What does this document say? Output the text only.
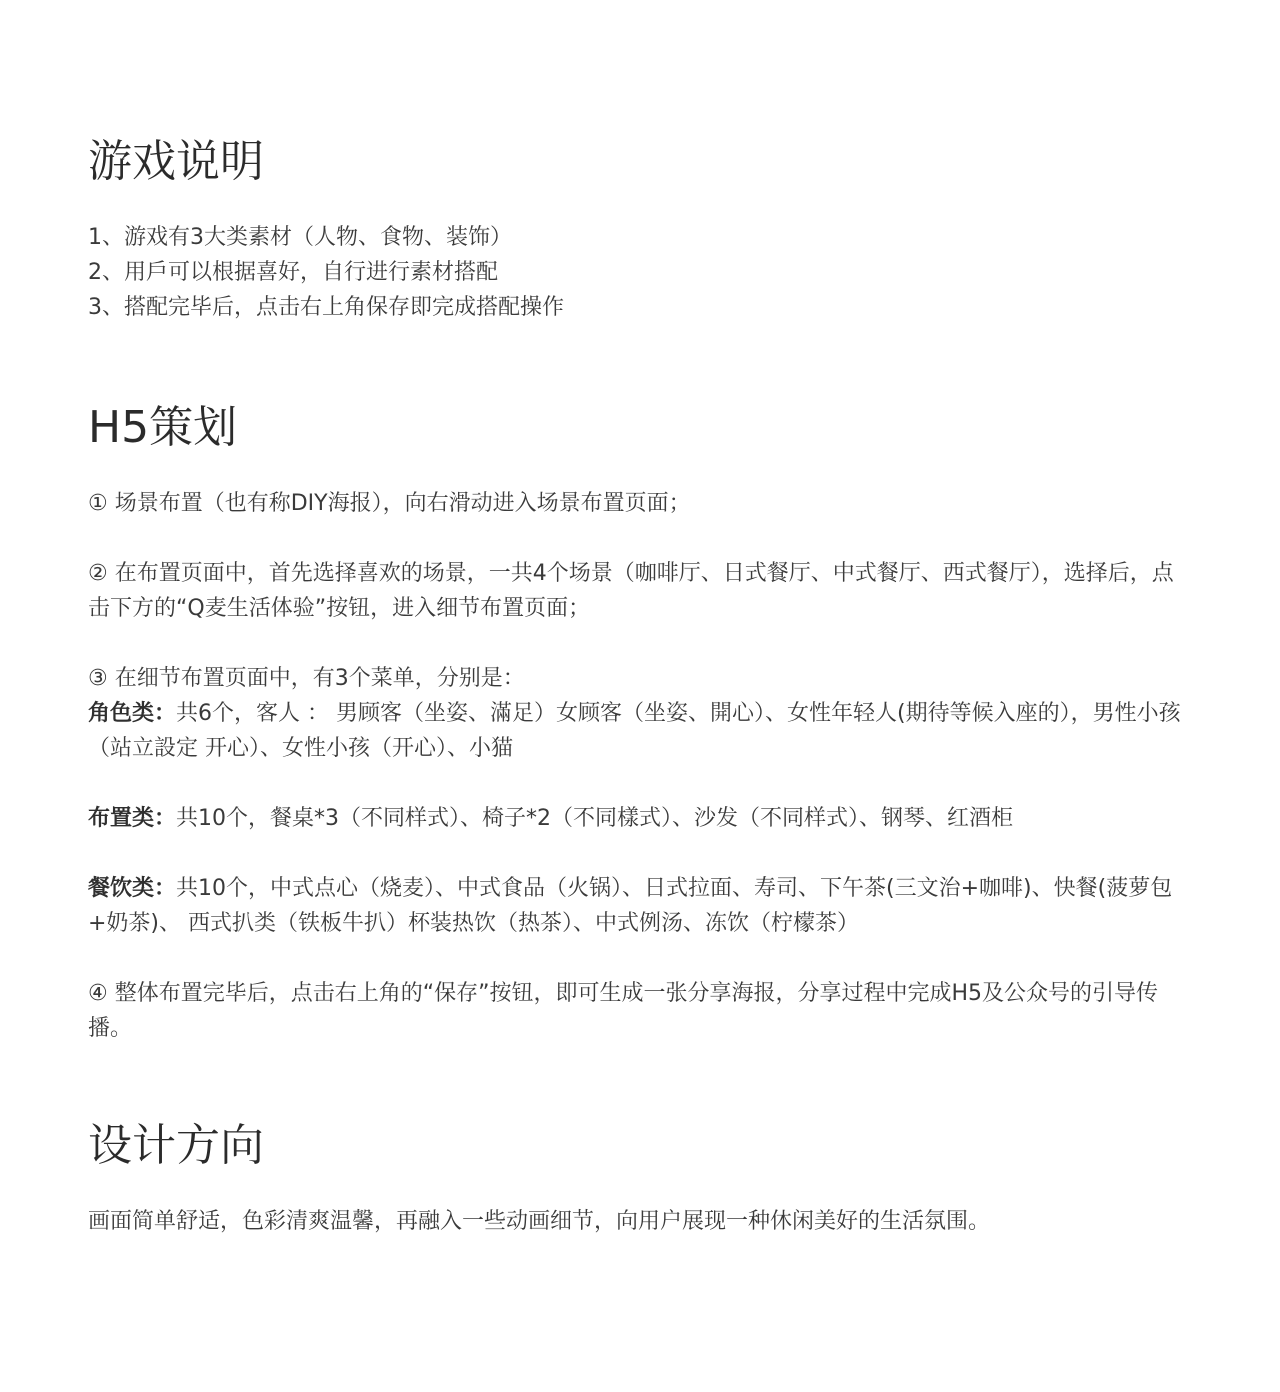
游戏说明
1、游戏有3大类素材（人物、食物、装饰）
2、用戶可以根据喜好，自行进行素材搭配
3、搭配完毕后，点击右上角保存即完成搭配操作
H5策划

① 场景布置（也有称DIY海报），向右滑动进入场景布置页面；

② 在布置页面中，首先选择喜欢的场景，一共4个场景（咖啡厅、日式餐厅、中式餐厅、西式餐厅），选择后，点击下方的“Q麦生活体验”按钮，进入细节布置页面；

③ 在细节布置页面中，有3个菜单，分别是：

角色类：共6个，客人 ： 男顾客（坐姿、滿足）女顾客（坐姿、開心）、女性年轻人(期待等候入座的），男性小孩（站立設定 开心）、女性小孩（开心）、小猫

布置类：共10个，餐桌*3（不同样式）、椅子*2（不同樣式）、沙发（不同样式）、钢琴、红酒柜

餐饮类：共10个，中式点心（烧麦）、中式食品（火锅）、日式拉面、寿司、下午茶(三文治+咖啡)、快餐(菠萝包+奶茶)、 西式扒类（铁板牛扒）杯装热饮（热茶）、中式例汤、冻饮（柠檬茶）

④ 整体布置完毕后，点击右上角的“保存”按钮，即可生成一张分享海报，分享过程中完成H5及公众号的引导传播。

设计方向

画面简单舒适，色彩清爽温馨，再融入一些动画细节，向用户展现一种休闲美好的生活氛围。
